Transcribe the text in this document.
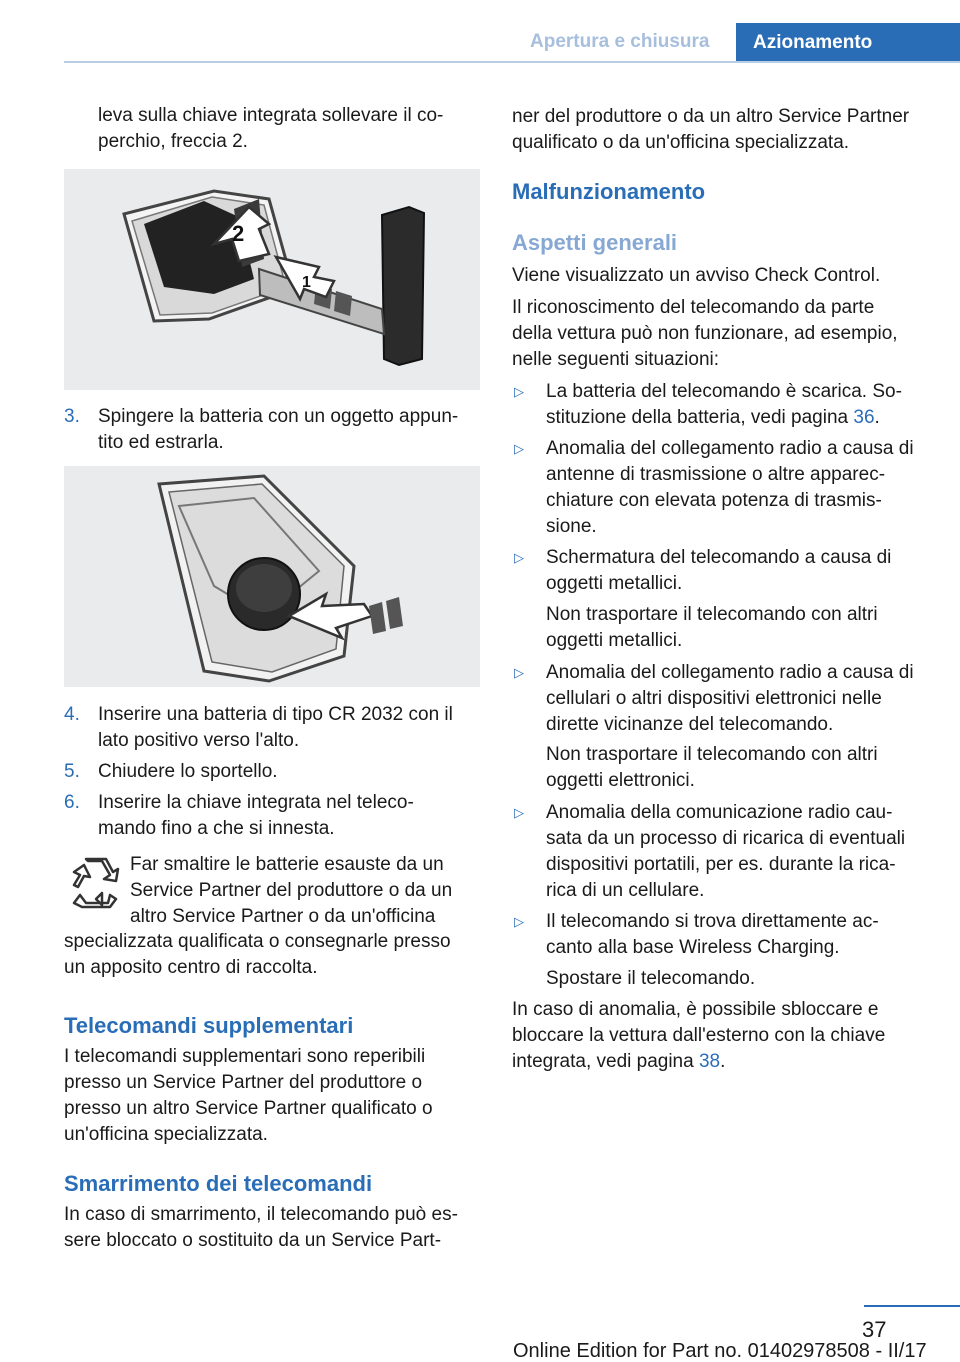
Apertura e chiusura	Azionamento
leva sulla chiave integrata sollevare il co-
perchio, freccia 2.
2
1
3. Spingere la batteria con un oggetto appun-
tito ed estrarla.
4. Inserire una batteria di tipo CR 2032 con il
lato positivo verso l'alto.
5. Chiudere lo sportello.
6. Inserire la chiave integrata nel teleco-
mando fino a che si innesta.
Far smaltire le batterie esauste da un
Service Partner del produttore o da un
altro Service Partner o da un'officina
specializzata qualificata o consegnarle presso
un apposito centro di raccolta.
Telecomandi supplementari
I telecomandi supplementari sono reperibili
presso un Service Partner del produttore o
presso un altro Service Partner qualificato o
un'officina specializzata.
Smarrimento dei telecomandi
In caso di smarrimento, il telecomando può es-
sere bloccato o sostituito da un Service Part-
ner del produttore o da un altro Service Partner
qualificato o da un'officina specializzata.
Malfunzionamento
Aspetti generali
Viene visualizzato un avviso Check Control.
Il riconoscimento del telecomando da parte
della vettura può non funzionare, ad esempio,
nelle seguenti situazioni:
▷ La batteria del telecomando è scarica. So-
stituzione della batteria, vedi pagina 36.
▷ Anomalia del collegamento radio a causa di
antenne di trasmissione o altre apparec-
chiature con elevata potenza di trasmis-
sione.
▷ Schermatura del telecomando a causa di
oggetti metallici.
Non trasportare il telecomando con altri
oggetti metallici.
▷ Anomalia del collegamento radio a causa di
cellulari o altri dispositivi elettronici nelle
dirette vicinanze del telecomando.
Non trasportare il telecomando con altri
oggetti elettronici.
▷ Anomalia della comunicazione radio cau-
sata da un processo di ricarica di eventuali
dispositivi portatili, per es. durante la rica-
rica di un cellulare.
▷ Il telecomando si trova direttamente ac-
canto alla base Wireless Charging.
Spostare il telecomando.
In caso di anomalia, è possibile sbloccare e
bloccare la vettura dall'esterno con la chiave
integrata, vedi pagina 38.
37
Online Edition for Part no. 01402978508 - II/17
